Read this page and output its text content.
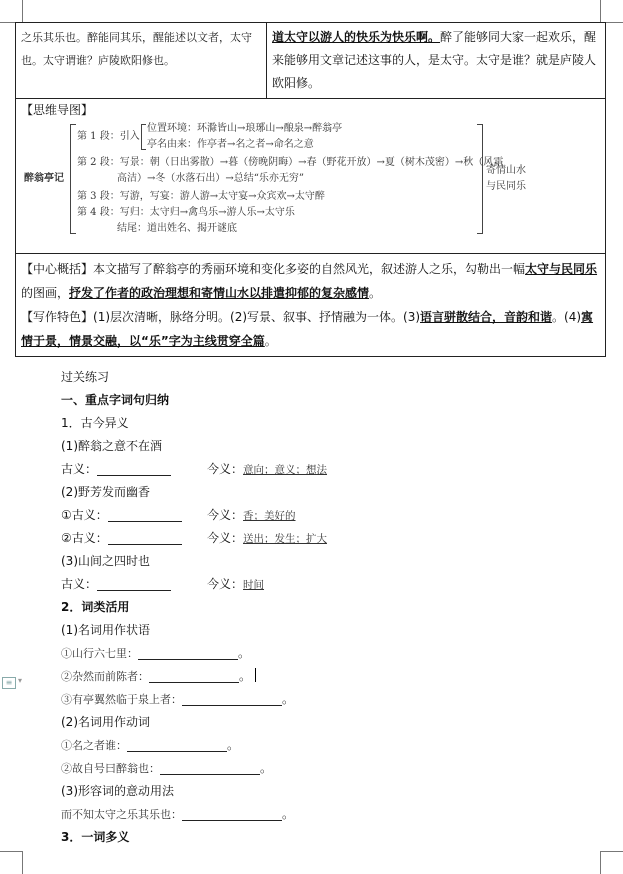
之乐其乐也。醉能同其乐，醒能述以文者，太守也。太守谓谁？庐陵欧阳修也。	道太守以游人的快乐为快乐啊。醉了能够同大家一起欢乐，醒来能够用文章记述这事的人，是太守。太守是谁？就是庐陵人欧阳修。

【思维导图】
醉翁亭记
第 1 段：引入
位置环境：环滁皆山→琅琊山→酿泉→醉翁亭
亭名由来：作亭者→名之者→命名之意
第 2 段：写景：朝（日出雾散）→暮（傍晚阴晦）→春（野花开放）→夏（树木茂密）→秋（风霜
高洁）→冬（水落石出）→总结“乐亦无穷”
第 3 段：写游，写宴：游人游→太守宴→众宾欢→太守醉
第 4 段：写归：太守归→禽鸟乐→游人乐→太守乐
结尾：道出姓名、揭开谜底
寄情山水
与民同乐

【中心概括】本文描写了醉翁亭的秀丽环境和变化多姿的自然风光，叙述游人之乐，勾勒出一幅太守与民同乐的图画，抒发了作者的政治理想和寄情山水以排遣抑郁的复杂感情。

【写作特色】(1)层次清晰，脉络分明。(2)写景、叙事、抒情融为一体。(3)语言骈散结合，音韵和谐。(4)寓情于景，情景交融，以“乐”字为主线贯穿全篇。

≡ ▾
过关练习
一、重点字词句归纳
1．古今异义
(1)醉翁之意不在酒
古义：	今义：意向；意义；想法
(2)野芳发而幽香
①古义：	今义：香；美好的
②古义：	今义：送出；发生；扩大
(3)山间之四时也
古义：	今义：时间
2．词类活用
(1)名词用作状语
①山行六七里：	。
②杂然而前陈者：	。
③有亭翼然临于泉上者：	。
(2)名词用作动词
①名之者谁：	。
②故自号曰醉翁也：	。
(3)形容词的意动用法
而不知太守之乐其乐也：	。
3．一词多义
